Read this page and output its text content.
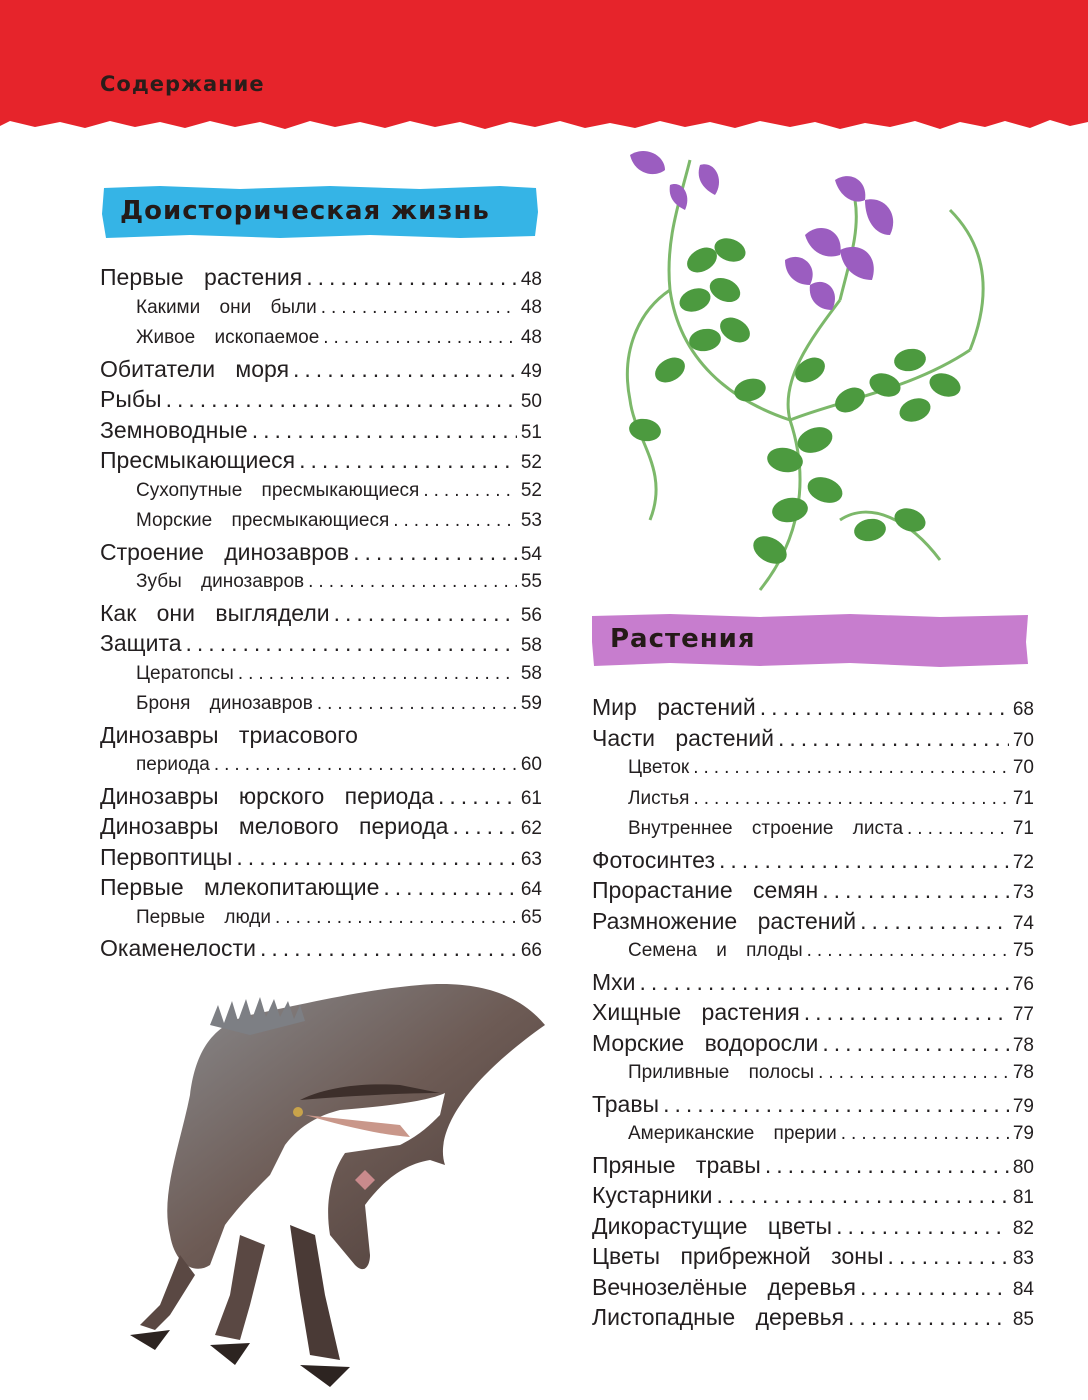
Содержание
Доисторическая жизнь
Первые растения .....	48
Какими они были .....	48
Живое ископаемое .....	48
Обитатели моря .....	49
Рыбы .....	50
Земноводные .....	51
Пресмыкающиеся .....	52
Сухопутные пресмыкающиеся .....	52
Морские пресмыкающиеся .....	53
Строение динозавров .....	54
Зубы динозавров .....	55
Как они выглядели .....	56
Защита .....	58
Цератопсы .....	58
Броня динозавров .....	59
Динозавры триасового
периода .....	60
Динозавры юрского периода .....	61
Динозавры мелового периода .....	62
Первоптицы .....	63
Первые млекопитающие .....	64
Первые люди .....	65
Окаменелости .....	66
Растения
Мир растений .....	68
Части растений .....	70
Цветок .....	70
Листья .....	71
Внутреннее строение листа .....	71
Фотосинтез .....	72
Прорастание семян .....	73
Размножение растений .....	74
Семена и плоды .....	75
Мхи .....	76
Хищные растения .....	77
Морские водоросли .....	78
Приливные полосы .....	78
Травы .....	79
Американские прерии .....	79
Пряные травы .....	80
Кустарники .....	81
Дикорастущие цветы .....	82
Цветы прибрежной зоны .....	83
Вечнозелёные деревья .....	84
Листопадные деревья .....	85
